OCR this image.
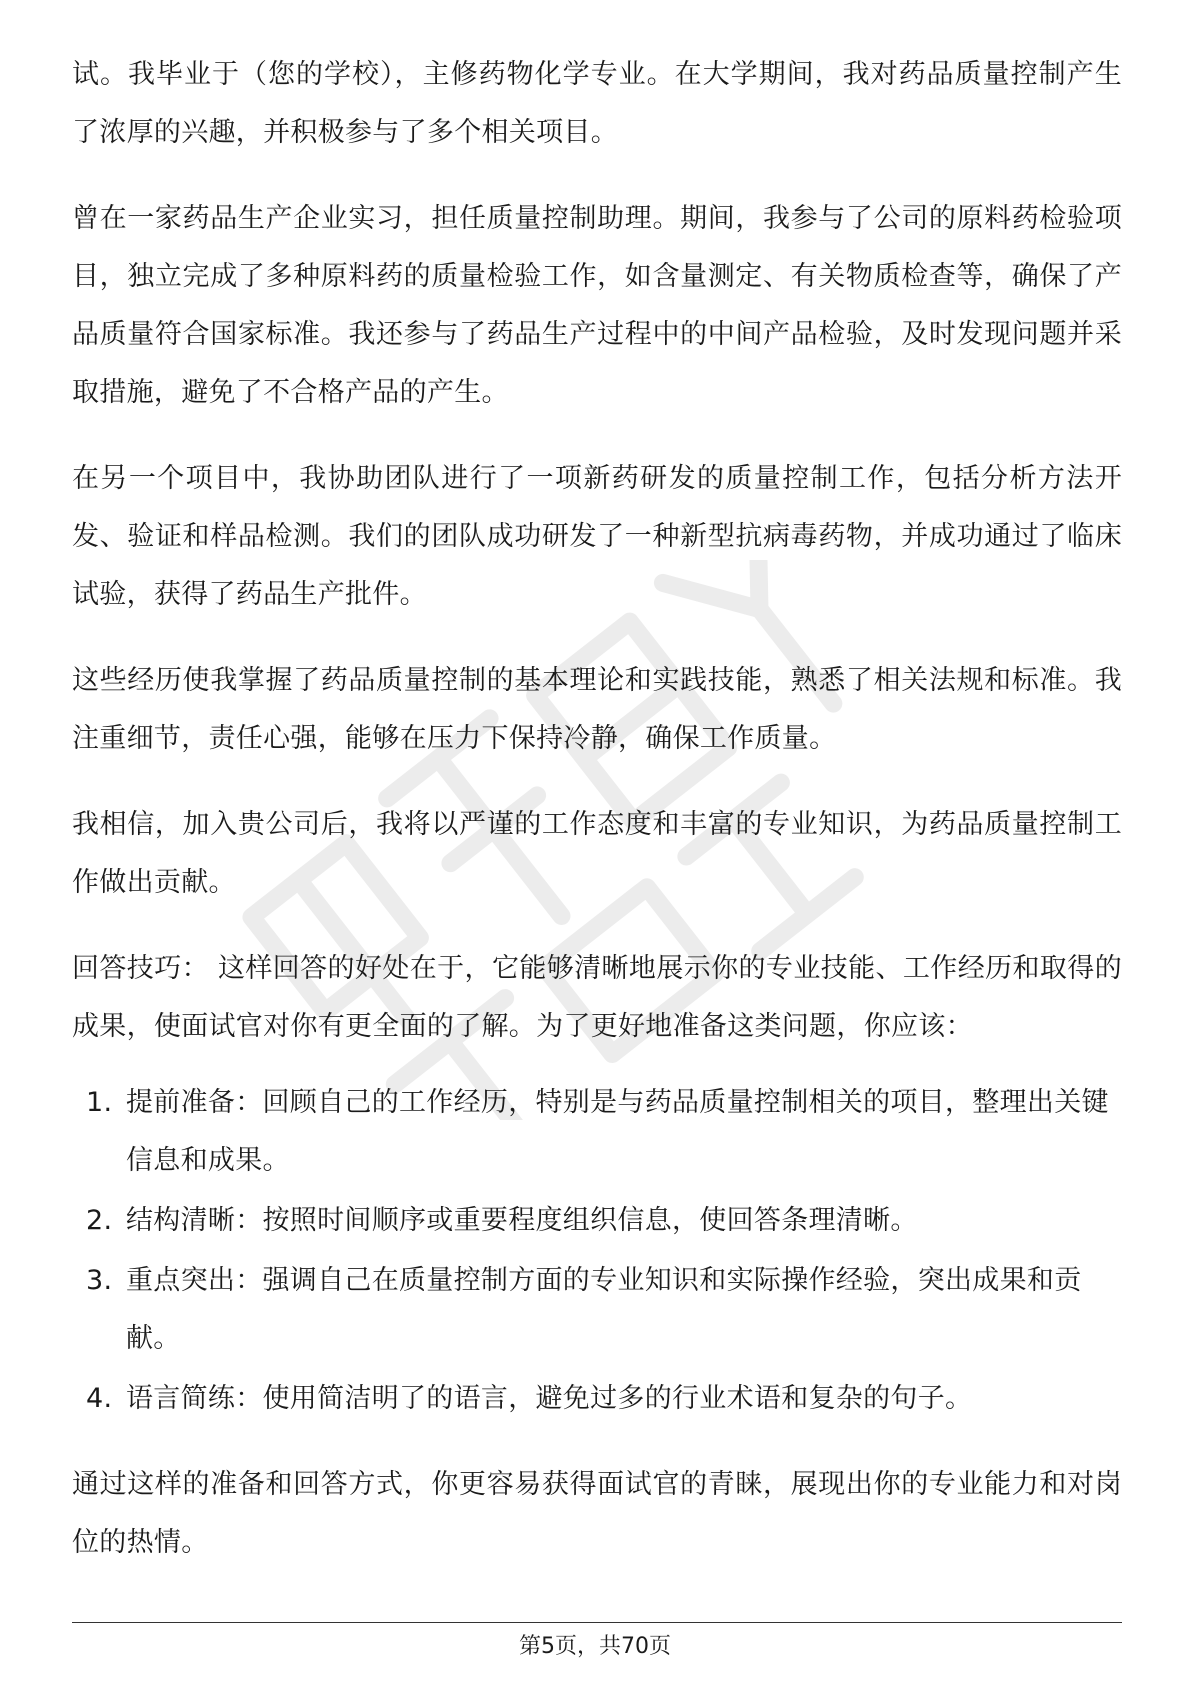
试。我毕业于（您的学校），主修药物化学专业。在大学期间，我对药品质量控制产生了浓厚的兴趣，并积极参与了多个相关项目。

曾在一家药品生产企业实习，担任质量控制助理。期间，我参与了公司的原料药检验项目，独立完成了多种原料药的质量检验工作，如含量测定、有关物质检查等，确保了产品质量符合国家标准。我还参与了药品生产过程中的中间产品检验，及时发现问题并采取措施，避免了不合格产品的产生。

在另一个项目中，我协助团队进行了一项新药研发的质量控制工作，包括分析方法开发、验证和样品检测。我们的团队成功研发了一种新型抗病毒药物，并成功通过了临床试验，获得了药品生产批件。

这些经历使我掌握了药品质量控制的基本理论和实践技能，熟悉了相关法规和标准。我注重细节，责任心强，能够在压力下保持冷静，确保工作质量。

我相信，加入贵公司后，我将以严谨的工作态度和丰富的专业知识，为药品质量控制工作做出贡献。

回答技巧： 这样回答的好处在于，它能够清晰地展示你的专业技能、工作经历和取得的成果，使面试官对你有更全面的了解。为了更好地准备这类问题，你应该：

1. 提前准备：回顾自己的工作经历，特别是与药品质量控制相关的项目，整理出关键信息和成果。
2. 结构清晰：按照时间顺序或重要程度组织信息，使回答条理清晰。
3. 重点突出：强调自己在质量控制方面的专业知识和实际操作经验，突出成果和贡献。
4. 语言简练：使用简洁明了的语言，避免过多的行业术语和复杂的句子。

通过这样的准备和回答方式，你更容易获得面试官的青睐，展现出你的专业能力和对岗位的热情。

第5页，共70页
